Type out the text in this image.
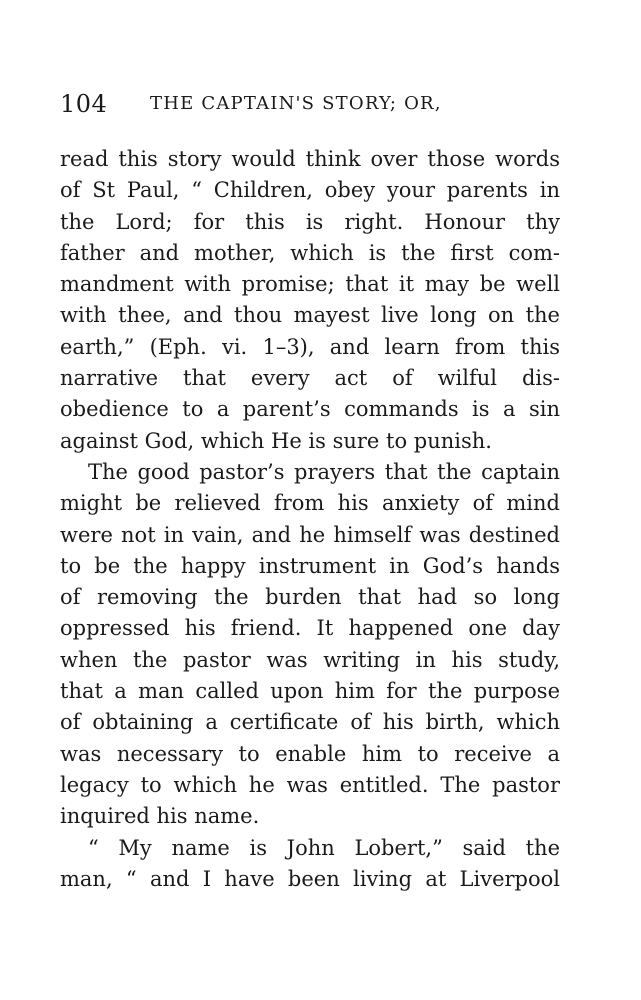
104 THE CAPTAIN'S STORY; OR,
read this story would think over those words
of St Paul, “ Children, obey your parents in
the Lord; for this is right. Honour thy
father and mother, which is the first com-
mandment with promise; that it may be well
with thee, and thou mayest live long on the
earth,” (Eph. vi. 1–3), and learn from this
narrative that every act of wilful dis-
obedience to a parent’s commands is a sin
against God, which He is sure to punish.
The good pastor’s prayers that the captain
might be relieved from his anxiety of mind
were not in vain, and he himself was destined
to be the happy instrument in God’s hands
of removing the burden that had so long
oppressed his friend. It happened one day
when the pastor was writing in his study,
that a man called upon him for the purpose
of obtaining a certificate of his birth, which
was necessary to enable him to receive a
legacy to which he was entitled. The pastor
inquired his name.
“ My name is John Lobert,” said the
man, “ and I have been living at Liverpool
